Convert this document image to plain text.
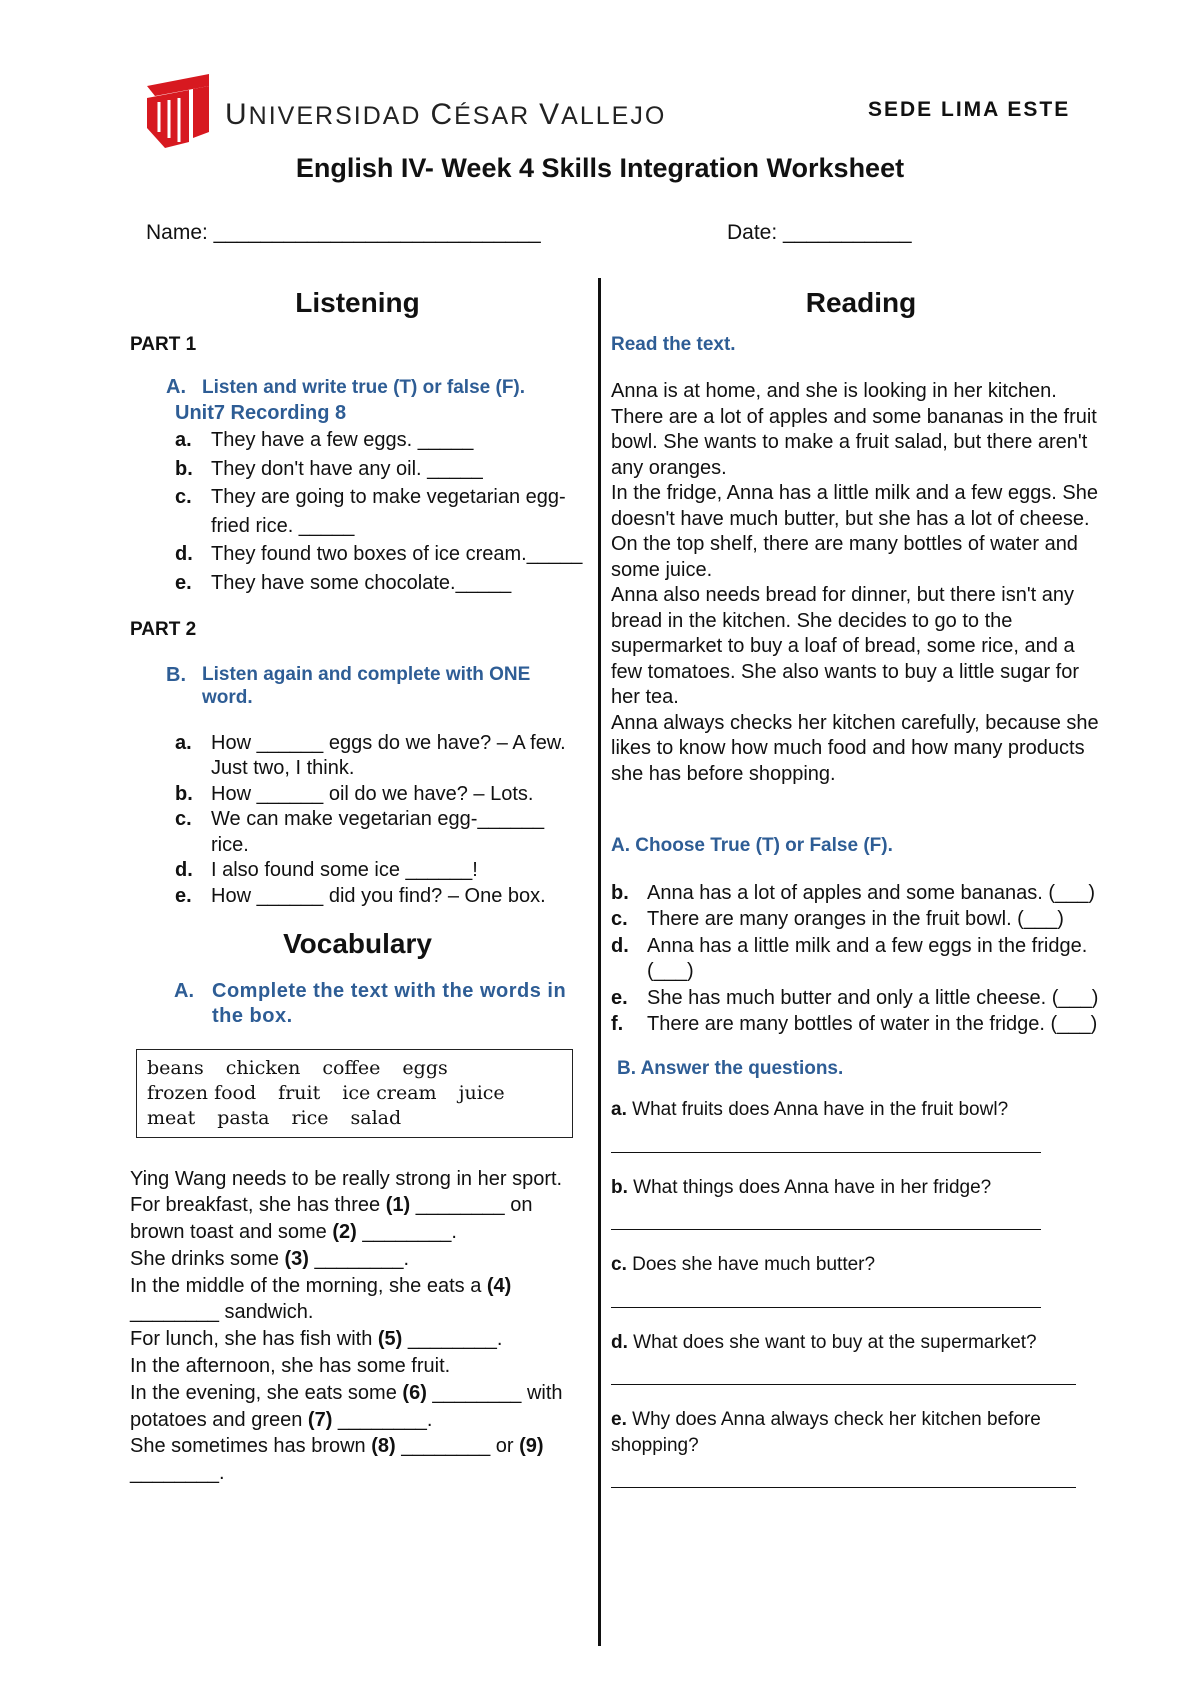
UNIVERSIDAD CÉSAR VALLEJO	SEDE LIMA ESTE
English IV- Week 4 Skills Integration Worksheet
Name: ____________________________	Date: ___________
Listening
PART 1
A. Listen and write true (T) or false (F).
Unit7 Recording 8
a. They have a few eggs. _____
b. They don't have any oil. _____
c. They are going to make vegetarian egg-fried rice. _____
d. They found two boxes of ice cream._____
e. They have some chocolate._____
PART 2
B. Listen again and complete with ONE word.
a. How ______ eggs do we have? – A few. Just two, I think.
b. How ______ oil do we have? – Lots.
c. We can make vegetarian egg-______ rice.
d. I also found some ice ______!
e. How ______ did you find? – One box.
Vocabulary
A. Complete the text with the words in the box.
beans chicken coffee eggs
frozen food fruit ice cream juice
meat pasta rice salad
Ying Wang needs to be really strong in her sport.
For breakfast, she has three (1) ________ on
brown toast and some (2) ________.
She drinks some (3) ________.
In the middle of the morning, she eats a (4)
________ sandwich.
For lunch, she has fish with (5) ________.
In the afternoon, she has some fruit.
In the evening, she eats some (6) ________ with
potatoes and green (7) ________.
She sometimes has brown (8) ________ or (9)
________.
Reading
Read the text.
Anna is at home, and she is looking in her kitchen. There are a lot of apples and some bananas in the fruit bowl. She wants to make a fruit salad, but there aren't any oranges.
In the fridge, Anna has a little milk and a few eggs. She doesn't have much butter, but she has a lot of cheese. On the top shelf, there are many bottles of water and some juice.
Anna also needs bread for dinner, but there isn't any bread in the kitchen. She decides to go to the supermarket to buy a loaf of bread, some rice, and a few tomatoes. She also wants to buy a little sugar for her tea.
Anna always checks her kitchen carefully, because she likes to know how much food and how many products she has before shopping.
A. Choose True (T) or False (F).
b. Anna has a lot of apples and some bananas. (___)
c. There are many oranges in the fruit bowl. (___)
d. Anna has a little milk and a few eggs in the fridge. (___)
e. She has much butter and only a little cheese. (___)
f.	There are many bottles of water in the fridge. (___)
B. Answer the questions.
a. What fruits does Anna have in the fruit bowl?
b. What things does Anna have in her fridge?
c. Does she have much butter?
d. What does she want to buy at the supermarket?
e. Why does Anna always check her kitchen before shopping?
